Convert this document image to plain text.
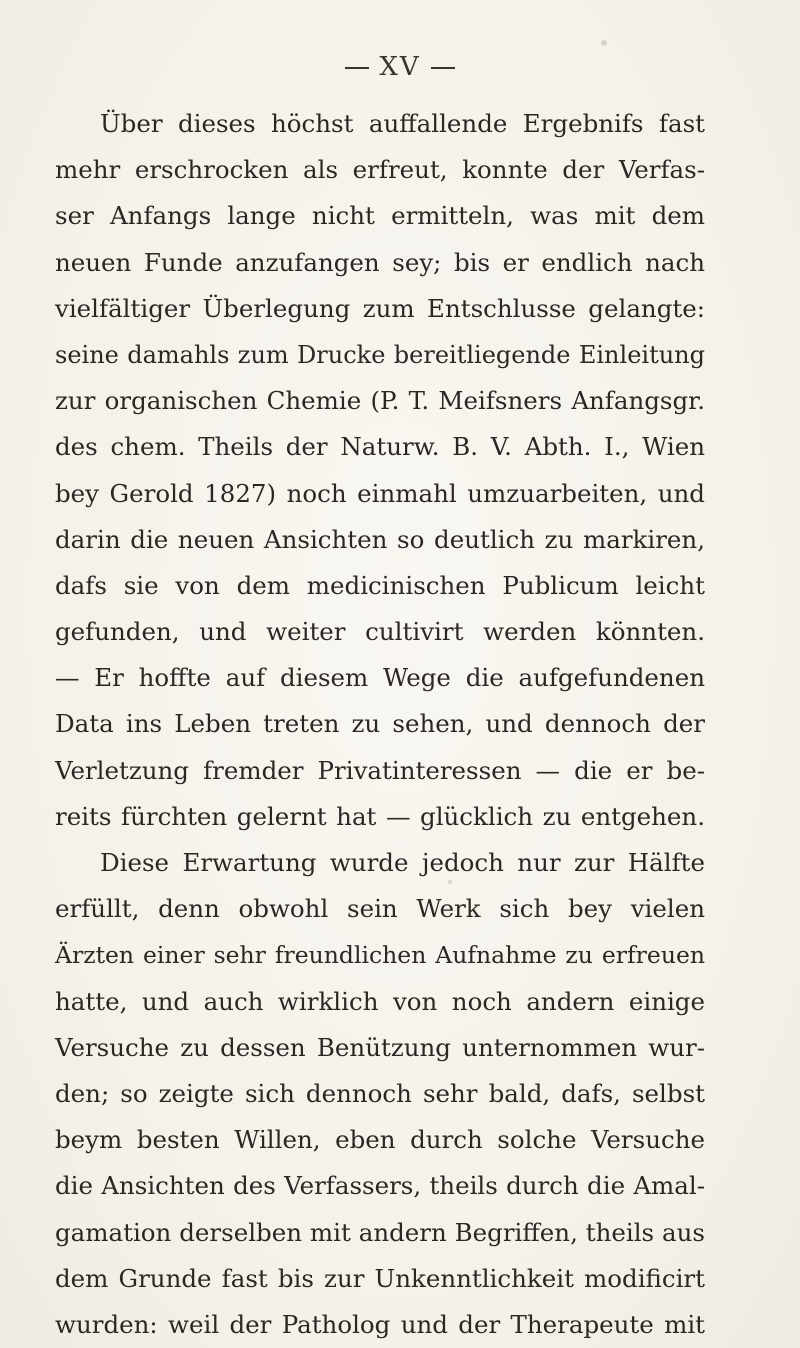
XV
Über dieses höchst auffallende Ergebnifs fast
mehr erschrocken als erfreut, konnte der Verfas-
ser Anfangs lange nicht ermitteln, was mit dem
neuen Funde anzufangen sey; bis er endlich nach
vielfältiger Überlegung zum Entschlusse gelangte:
seine damahls zum Drucke bereitliegende Einleitung
zur organischen Chemie (P. T. Meifsners Anfangsgr.
des chem. Theils der Naturw. B. V. Abth. I., Wien
bey Gerold 1827) noch einmahl umzuarbeiten, und
darin die neuen Ansichten so deutlich zu markiren,
dafs sie von dem medicinischen Publicum leicht
gefunden, und weiter cultivirt werden könnten.
— Er hoffte auf diesem Wege die aufgefundenen
Data ins Leben treten zu sehen, und dennoch der
Verletzung fremder Privatinteressen — die er be-
reits fürchten gelernt hat — glücklich zu entgehen.
Diese Erwartung wurde jedoch nur zur Hälfte
erfüllt, denn obwohl sein Werk sich bey vielen
Ärzten einer sehr freundlichen Aufnahme zu erfreuen
hatte, und auch wirklich von noch andern einige
Versuche zu dessen Benützung unternommen wur-
den; so zeigte sich dennoch sehr bald, dafs, selbst
beym besten Willen, eben durch solche Versuche
die Ansichten des Verfassers, theils durch die Amal-
gamation derselben mit andern Begriffen, theils aus
dem Grunde fast bis zur Unkenntlichkeit modificirt
wurden: weil der Patholog und der Therapeute mit
